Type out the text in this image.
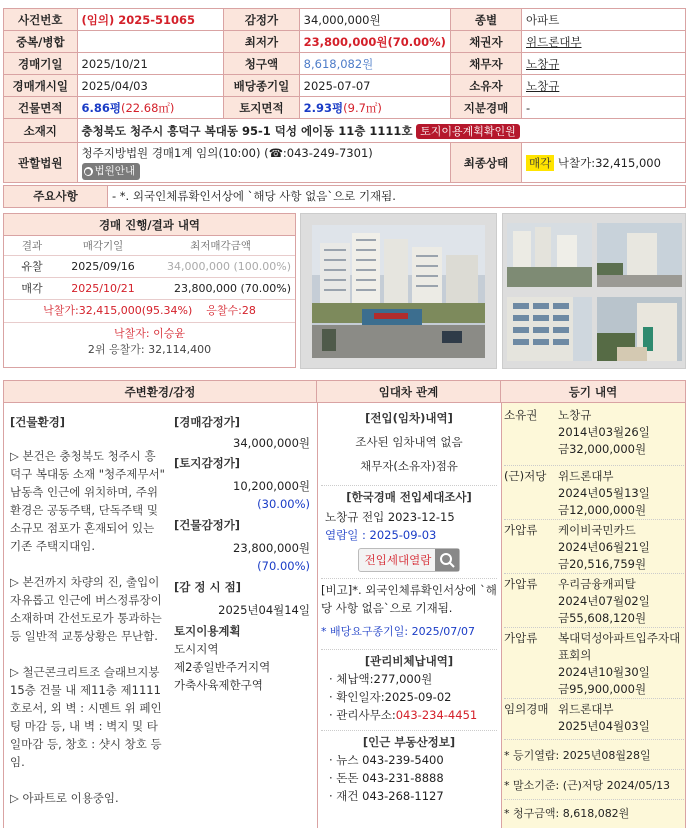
사건번호	(임의) 2025-51065	감정가	34,000,000원	종별	아파트
중복/병합		최저가	23,800,000원(70.00%)	채권자	위드론대부
경매기일	2025/10/21	청구액	8,618,082원	채무자	노창규
경매개시일	2025/04/03	배당종기일	2025-07-07	소유자	노창규
건물면적	6.86평(22.68㎡)	토지면적	2.93평(9.7㎡)	지분경매	-
소재지	충청북도 청주시 흥덕구 복대동 95-1 덕성 에이동 11층 1111호 토지이용계획확인원				
관할법원	청주지방법원 경매1계 임의(10:00) (☎:043-249-7301)
● 법원안내			최종상태	매각 낙찰가:32,415,000
주요사항	- *. 외국인체류확인서상에 `해당 사항 없음`으로 기재됨.
경매 진행/결과 내역
결과	매각기일	최저매각금액
유찰	2025/09/16	34,000,000 (100.00%)
매각	2025/10/21	23,800,000 (70.00%)
낙찰가:32,415,000(95.34%) 응찰수:28
낙찰자: 이승윤
2위 응찰가: 32,114,400
주변환경/감정	임대차 관계	등기 내역
[건물환경]
▷ 본건은 충청북도 청주시 흥덕구 복대동 소재 "청주제무서" 남동측 인근에 위치하며, 주위환경은 공동주택, 단독주택 및 소규모 점포가 혼재되어 있는 기존 주택지대임.
▷ 본건까지 차량의 진, 출입이 자유롭고 인근에 버스정류장이 소재하며 간선도로가 통과하는 등 일반적 교통상황은 무난함.
▷ 철근콘크리트조 슬래브지붕 15층 건물 내 제11층 제1111호로서, 외 벽 : 시멘트 위 페인팅 마감 등, 내 벽 : 벽지 및 타일마감 등, 창호 : 샷시 창호 등임.
▷ 아파트로 이용중임.
[경매감정가]
34,000,000원
[토지감정가]
10,200,000원
(30.00%)
[건물감정가]
23,800,000원
(70.00%)
[감 정 시 점]
2025년04월14일
토지이용계획
도시지역
제2종일반주거지역
가축사육제한구역
[전입(임차)내역]
조사된 임차내역 없음
채무자(소유자)점유
[한국경매 전입세대조사]
노창규 전입 2023-12-15
열람일 : 2025-09-03
전입세대열람
[비고]*. 외국인체류확인서상에 `해당 사항 없음`으로 기재됨.
* 배당요구종기일: 2025/07/07
[관리비체납내역]
· 체납액:277,000원
· 확인일자:2025-09-02
· 관리사무소:043-234-4451
[인근 부동산정보]
· 뉴스 043-239-5400
· 돈돈 043-231-8888
· 재건 043-268-1127
소유권	노창규
2014년03월26일
금32,000,000원
(근)저당	위드론대부
2024년05월13일
금12,000,000원
가압류	케이비국민카드
2024년06월21일
금20,516,759원
가압류	우리금융캐피탈
2024년07월02일
금55,608,120원
가압류	복대덕성아파트입주자대표회의
2024년10월30일
금95,900,000원
임의경매 위드론대부
2025년04월03일
* 등기열람: 2025년08월28일
* 말소기준: (근)저당 2024/05/13
* 청구금액: 8,618,082원
